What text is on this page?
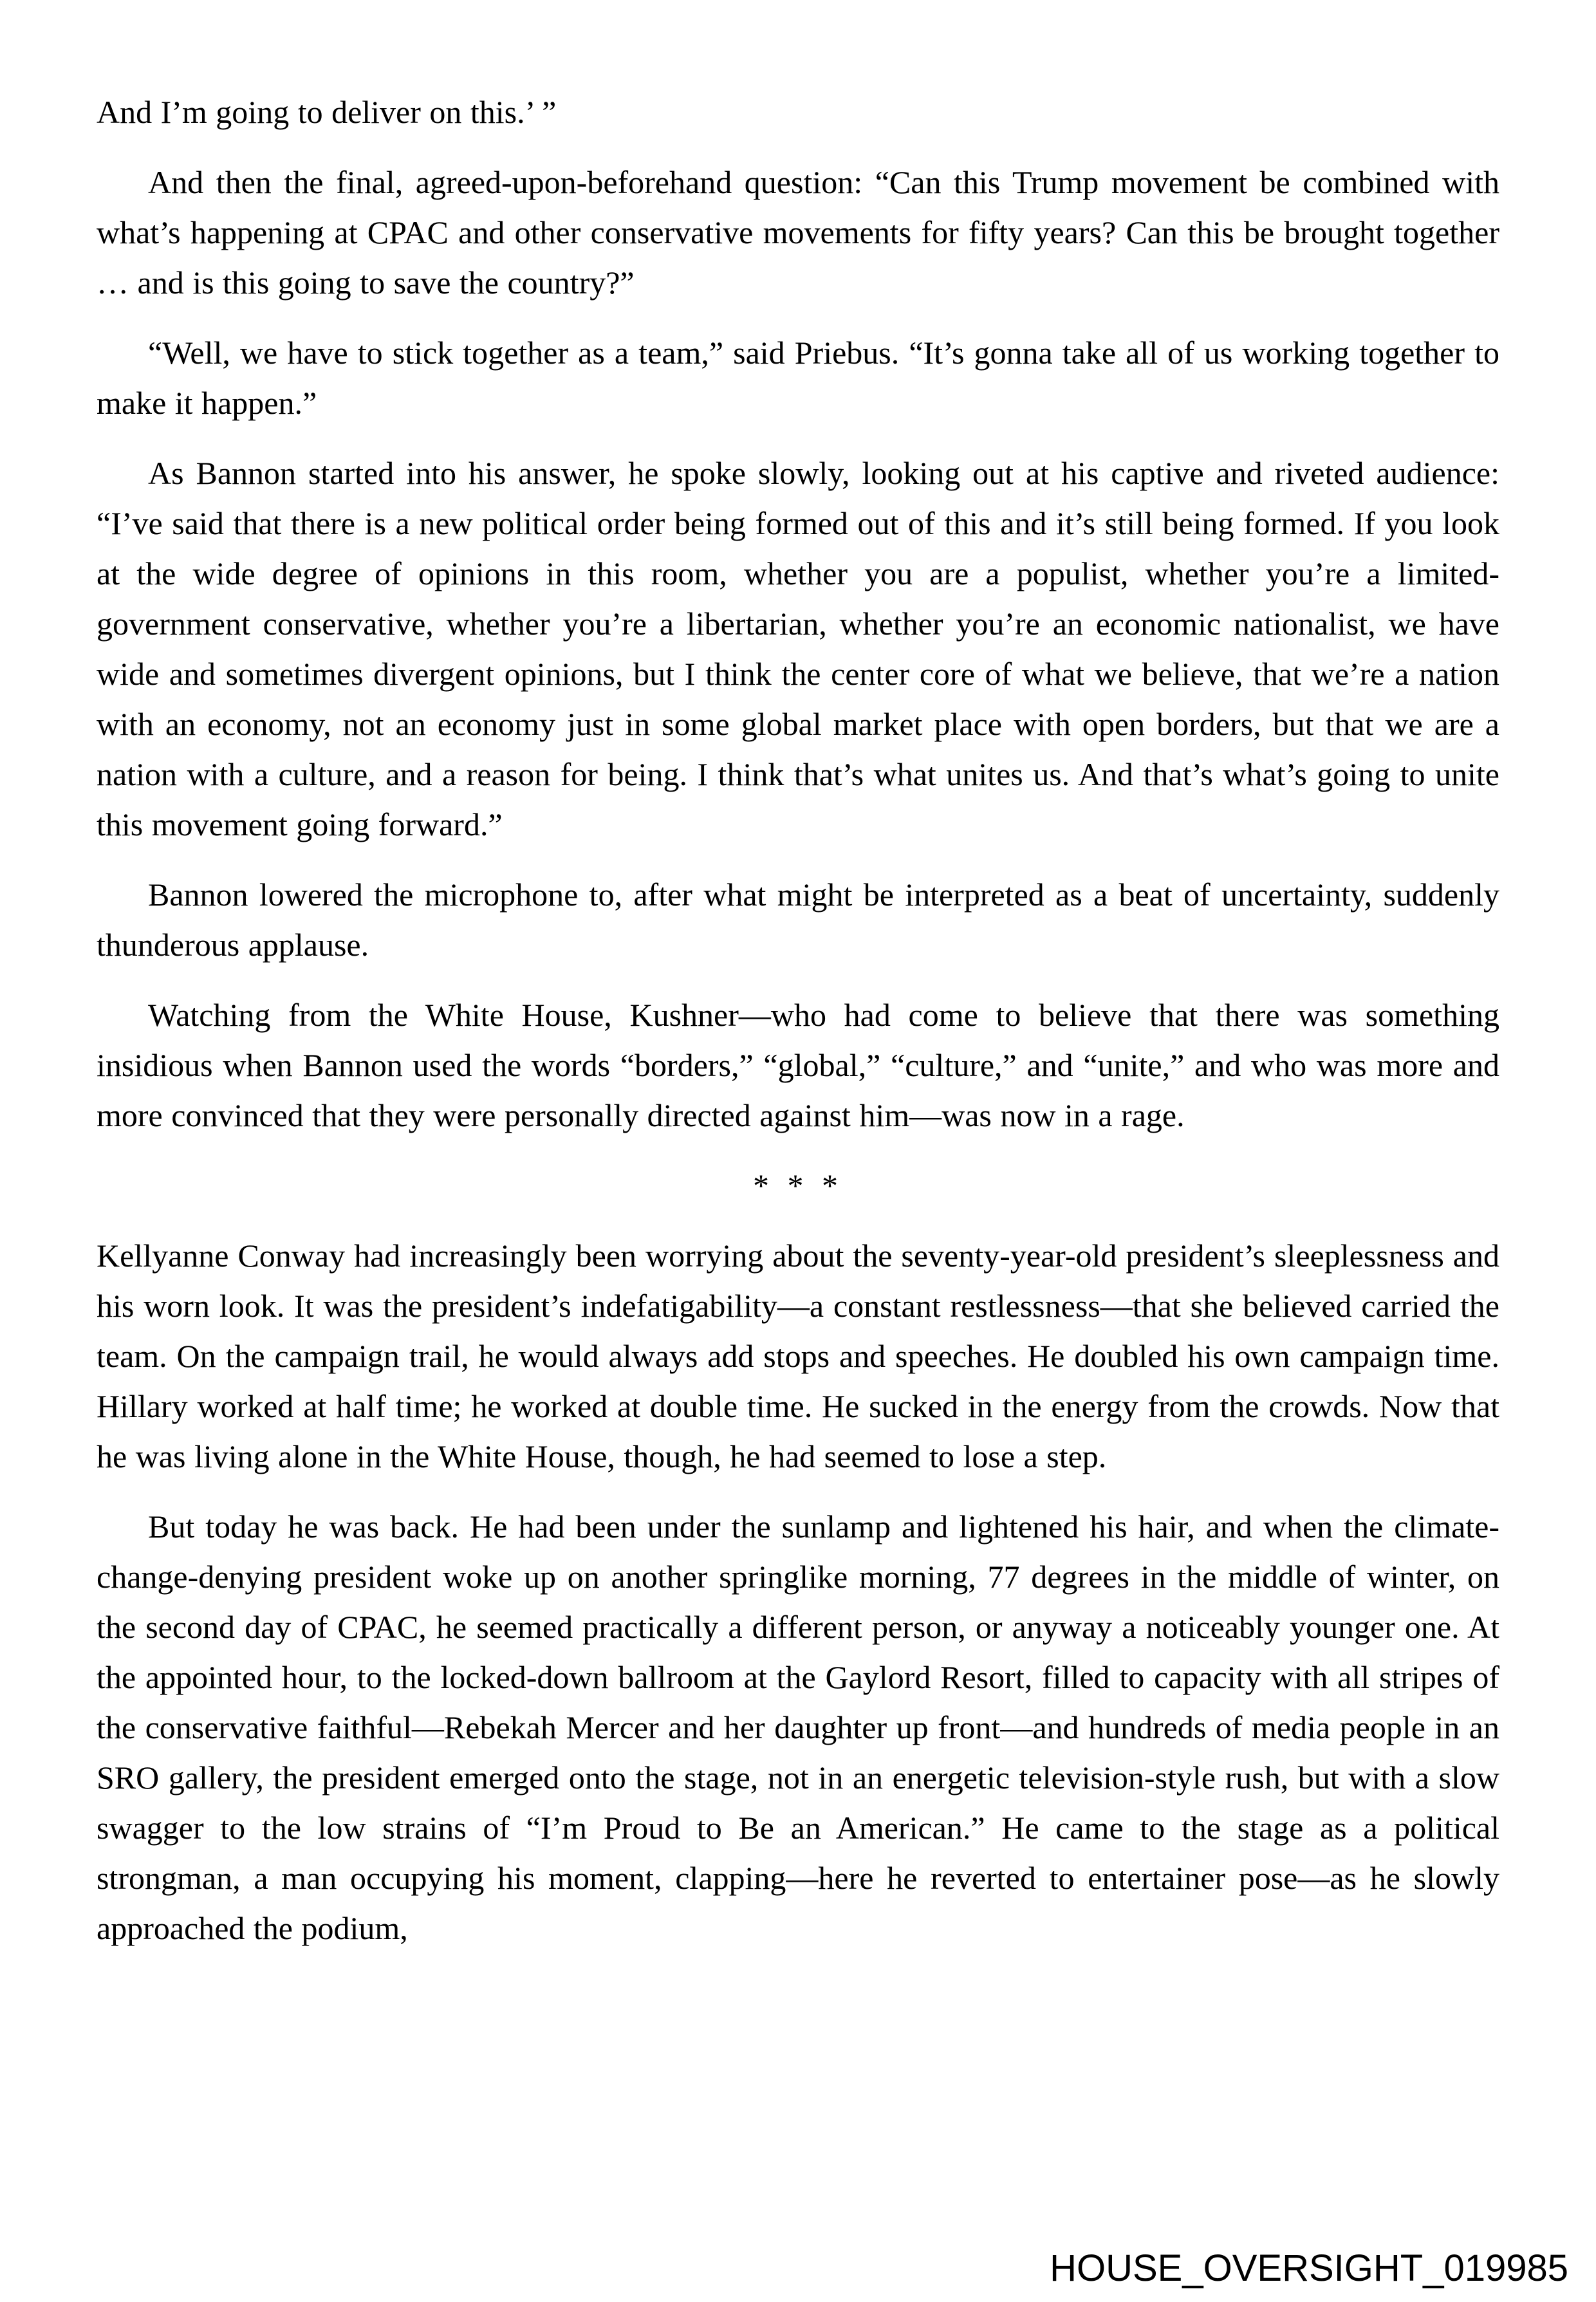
And I’m going to deliver on this.’ ”

And then the final, agreed-upon-beforehand question: “Can this Trump movement be combined with what’s happening at CPAC and other conservative movements for fifty years? Can this be brought together … and is this going to save the country?”

“Well, we have to stick together as a team,” said Priebus. “It’s gonna take all of us working together to make it happen.”

As Bannon started into his answer, he spoke slowly, looking out at his captive and riveted audience: “I’ve said that there is a new political order being formed out of this and it’s still being formed. If you look at the wide degree of opinions in this room, whether you are a populist, whether you’re a limited-government conservative, whether you’re a libertarian, whether you’re an economic nationalist, we have wide and sometimes divergent opinions, but I think the center core of what we believe, that we’re a nation with an economy, not an economy just in some global market place with open borders, but that we are a nation with a culture, and a reason for being. I think that’s what unites us. And that’s what’s going to unite this movement going forward.”

Bannon lowered the microphone to, after what might be interpreted as a beat of uncertainty, suddenly thunderous applause.

Watching from the White House, Kushner—who had come to believe that there was something insidious when Bannon used the words “borders,” “global,” “culture,” and “unite,” and who was more and more convinced that they were personally directed against him—was now in a rage.

* * *

Kellyanne Conway had increasingly been worrying about the seventy-year-old president’s sleeplessness and his worn look. It was the president’s indefatigability—a constant restlessness—that she believed carried the team. On the campaign trail, he would always add stops and speeches. He doubled his own campaign time. Hillary worked at half time; he worked at double time. He sucked in the energy from the crowds. Now that he was living alone in the White House, though, he had seemed to lose a step.

But today he was back. He had been under the sunlamp and lightened his hair, and when the climate-change-denying president woke up on another springlike morning, 77 degrees in the middle of winter, on the second day of CPAC, he seemed practically a different person, or anyway a noticeably younger one. At the appointed hour, to the locked-down ballroom at the Gaylord Resort, filled to capacity with all stripes of the conservative faithful—Rebekah Mercer and her daughter up front—and hundreds of media people in an SRO gallery, the president emerged onto the stage, not in an energetic television-style rush, but with a slow swagger to the low strains of “I’m Proud to Be an American.” He came to the stage as a political strongman, a man occupying his moment, clapping—here he reverted to entertainer pose—as he slowly approached the podium,

HOUSE_OVERSIGHT_019985
